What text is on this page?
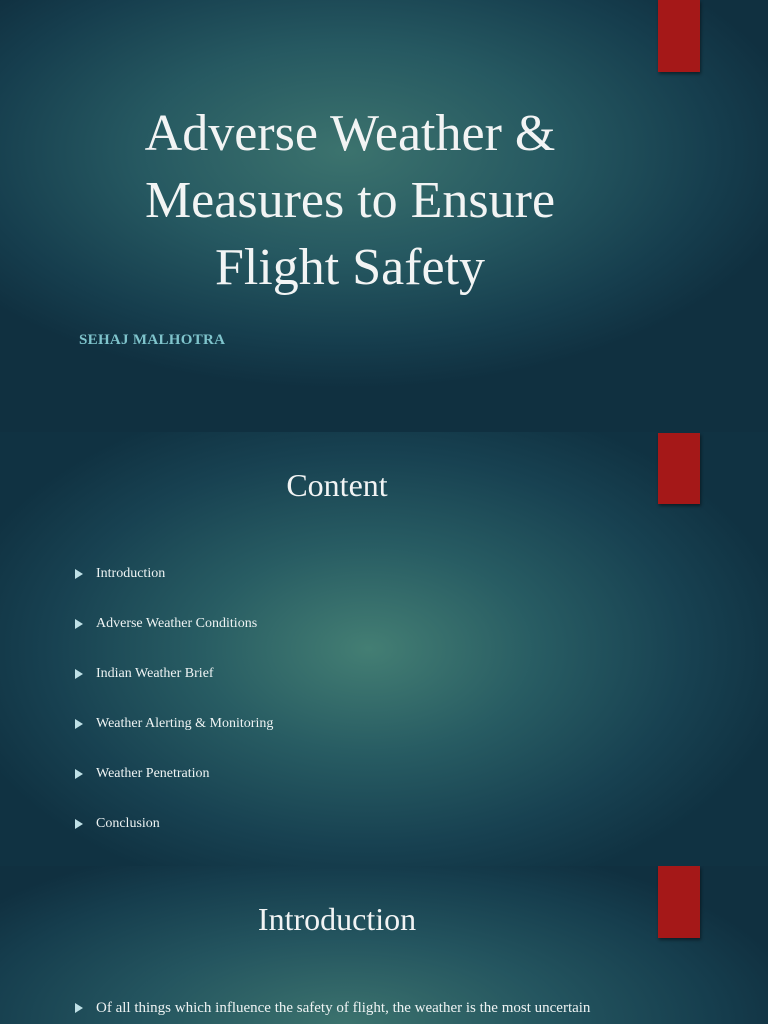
Adverse Weather & Measures to Ensure Flight Safety
SEHAJ MALHOTRA
Content
Introduction
Adverse Weather Conditions
Indian Weather Brief
Weather Alerting & Monitoring
Weather Penetration
Conclusion
Introduction
Of all things which influence the safety of flight, the weather is the most uncertain
